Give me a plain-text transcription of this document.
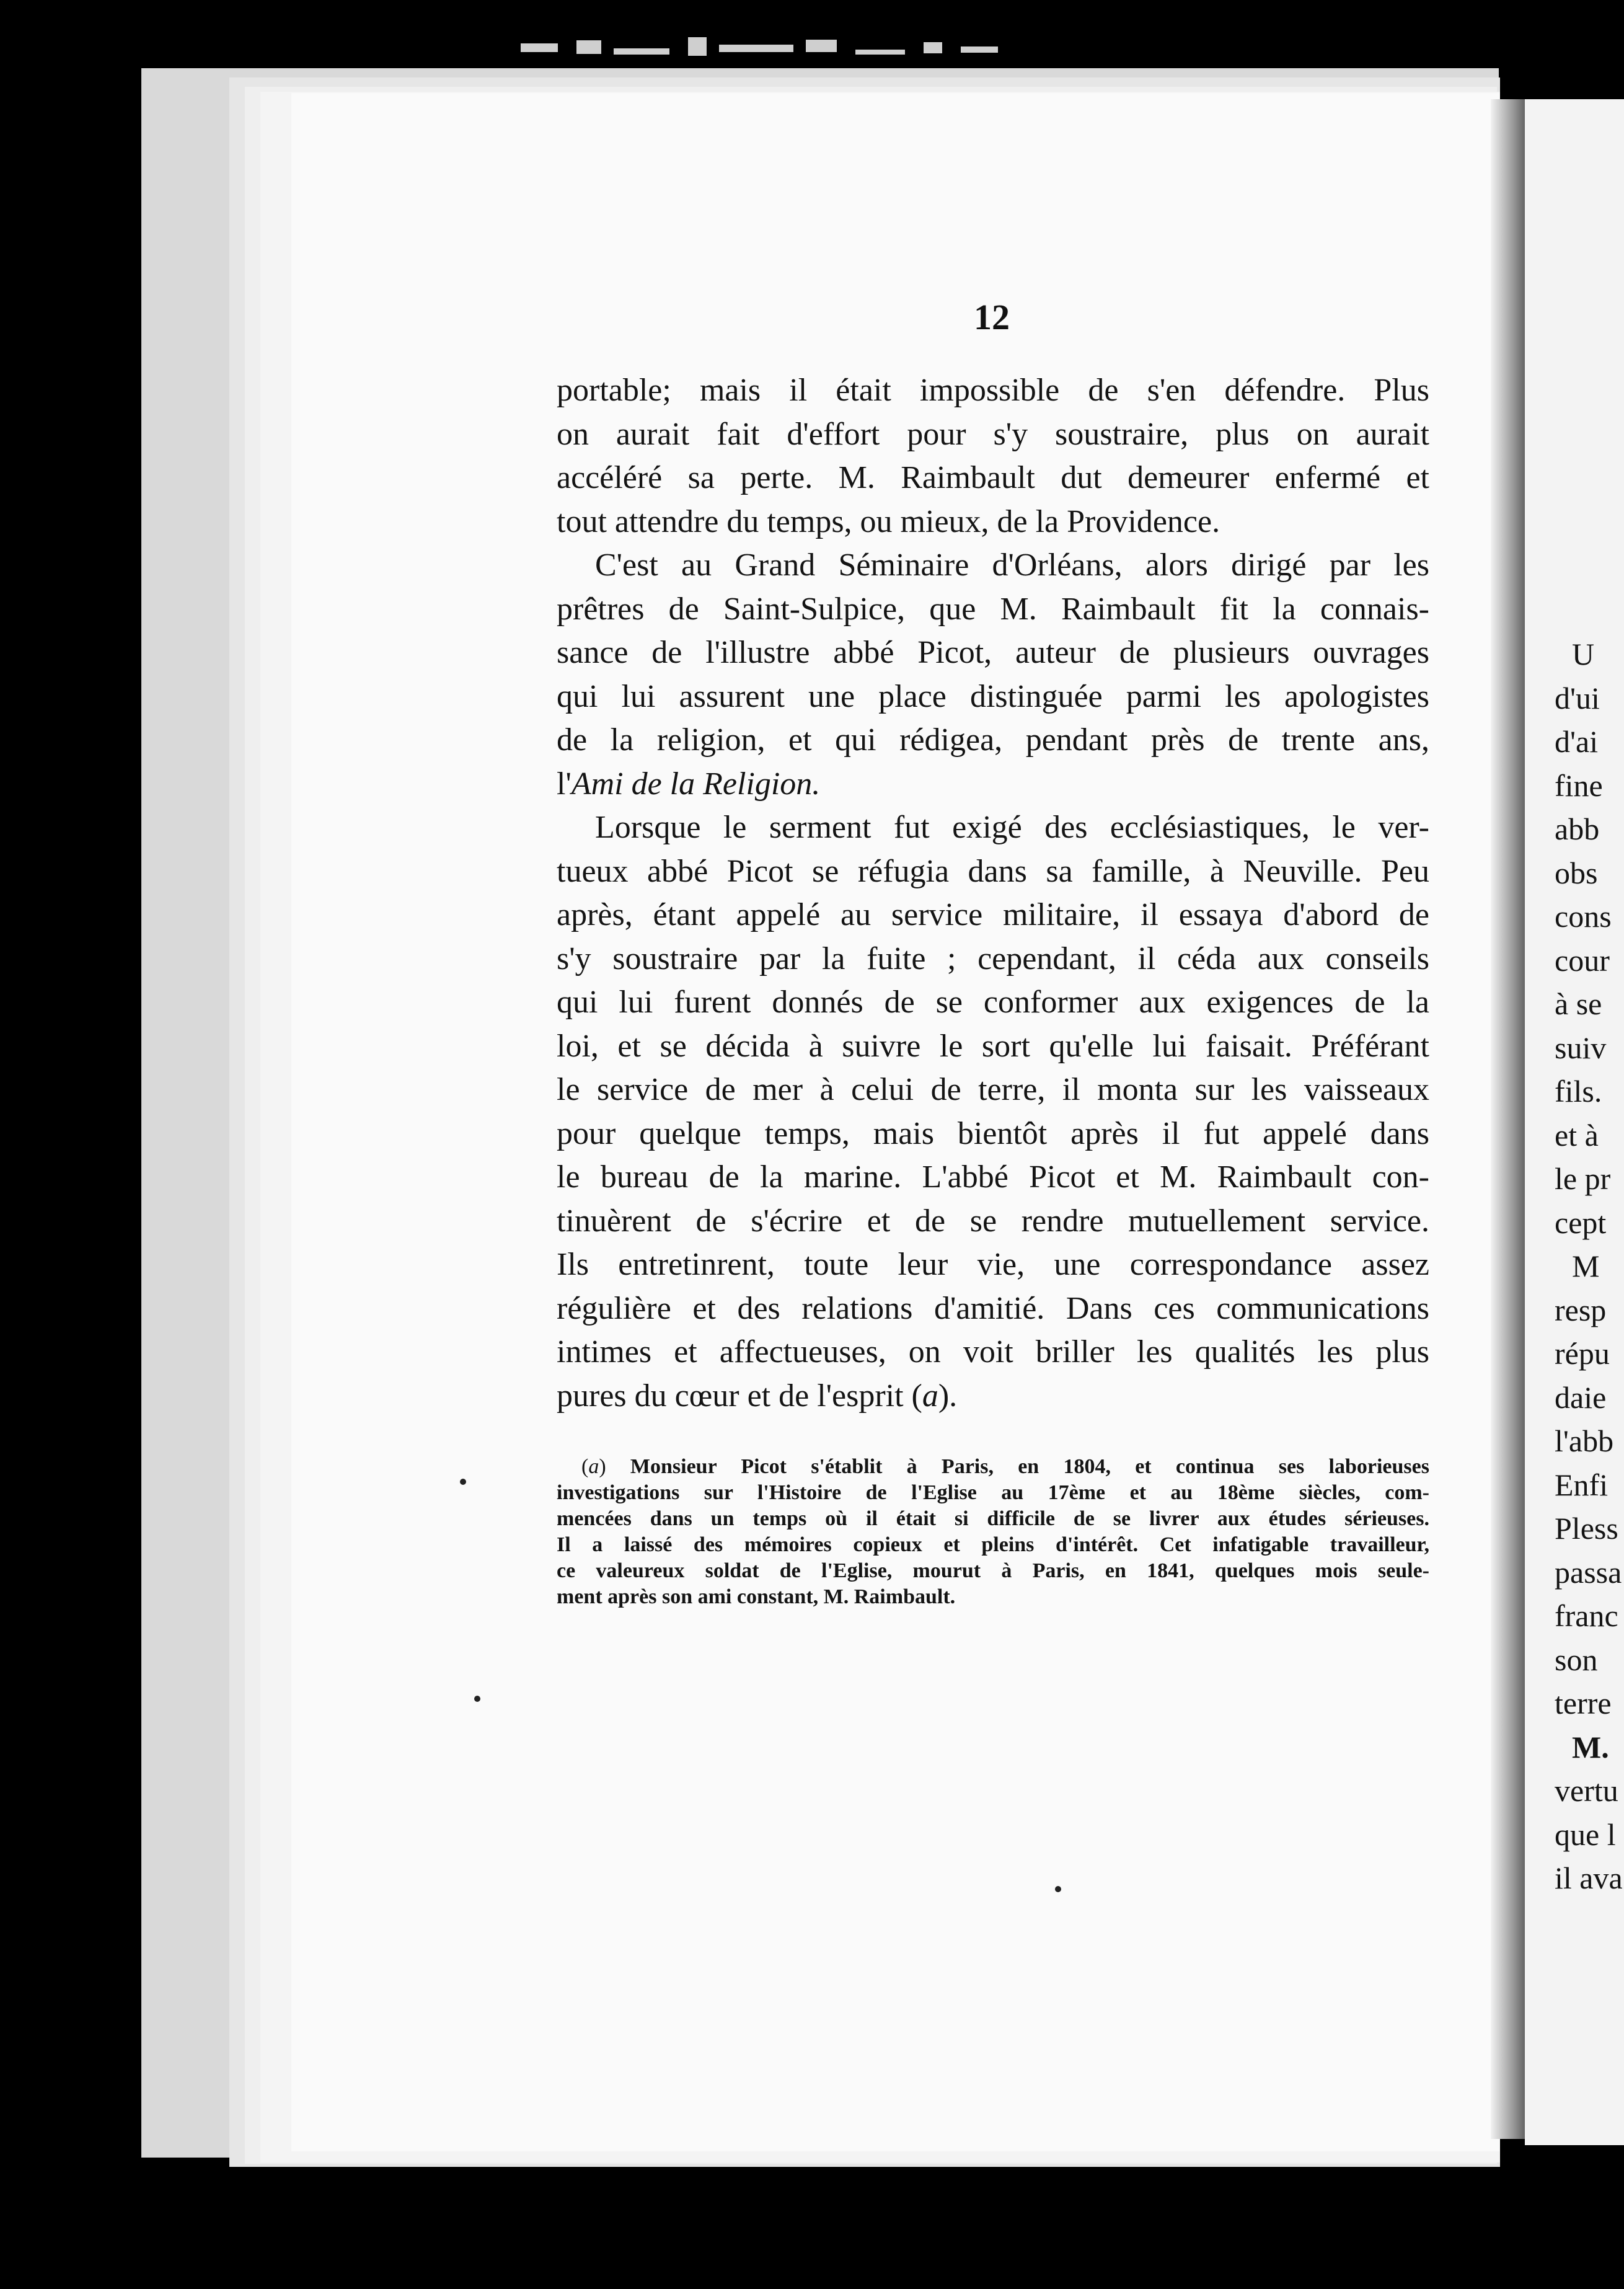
12
portable; mais il était impossible de s'en défendre. Plus
on aurait fait d'effort pour s'y soustraire, plus on aurait
accéléré sa perte. M. Raimbault dut demeurer enfermé et
tout attendre du temps, ou mieux, de la Providence.
C'est au Grand Séminaire d'Orléans, alors dirigé par les
prêtres de Saint-Sulpice, que M. Raimbault fit la connais-
sance de l'illustre abbé Picot, auteur de plusieurs ouvrages
qui lui assurent une place distinguée parmi les apologistes
de la religion, et qui rédigea, pendant près de trente ans,
l'Ami de la Religion.
Lorsque le serment fut exigé des ecclésiastiques, le ver-
tueux abbé Picot se réfugia dans sa famille, à Neuville. Peu
après, étant appelé au service militaire, il essaya d'abord de
s'y soustraire par la fuite ; cependant, il céda aux conseils
qui lui furent donnés de se conformer aux exigences de la
loi, et se décida à suivre le sort qu'elle lui faisait. Préférant
le service de mer à celui de terre, il monta sur les vaisseaux
pour quelque temps, mais bientôt après il fut appelé dans
le bureau de la marine. L'abbé Picot et M. Raimbault con-
tinuèrent de s'écrire et de se rendre mutuellement service.
Ils entretinrent, toute leur vie, une correspondance assez
régulière et des relations d'amitié. Dans ces communications
intimes et affectueuses, on voit briller les qualités les plus
pures du cœur et de l'esprit (a).
(a) Monsieur Picot s'établit à Paris, en 1804, et continua ses laborieuses
investigations sur l'Histoire de l'Eglise au 17ème et au 18ème siècles, com-
mencées dans un temps où il était si difficile de se livrer aux études sérieuses.
Il a laissé des mémoires copieux et pleins d'intérêt. Cet infatigable travailleur,
ce valeureux soldat de l'Eglise, mourut à Paris, en 1841, quelques mois seule-
ment après son ami constant, M. Raimbault.
U
d'ui
d'ai
fine
abb
obs
cons
cour
à se
suiv
fils.
et à
le pr
cept
M
resp
répu
daie
l'abb
Enfi
Pless
passa
franc
son
terre
M.
vertu
que l
il ava
